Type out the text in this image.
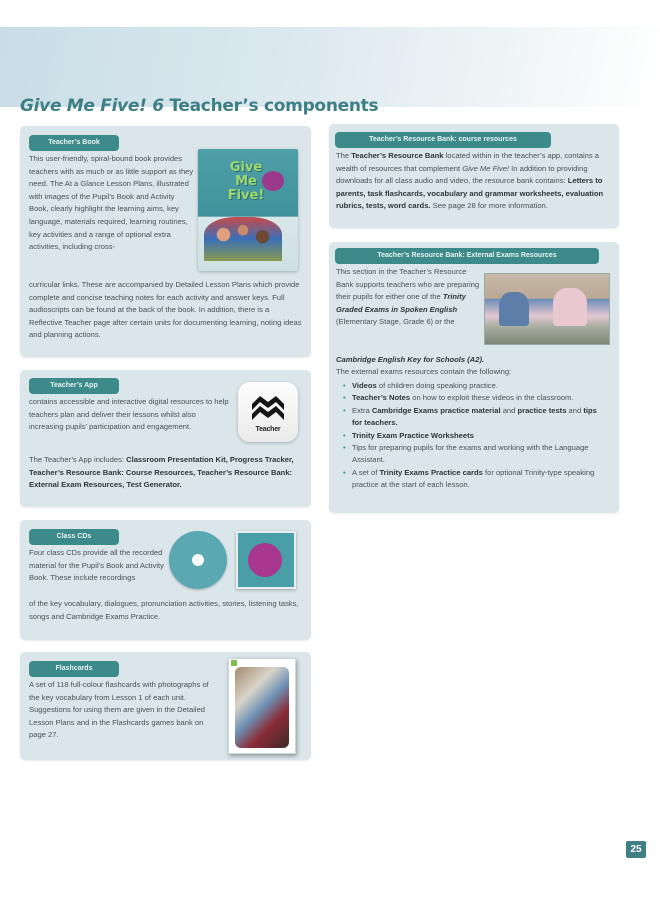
Give Me Five! 6 Teacher’s components
Teacher’s Book
This user-friendly, spiral-bound book provides teachers with as much or as little support as they need. The At a Glance Lesson Plans, illustrated with images of the Pupil’s Book and Activity Book, clearly highlight the learning aims, key language, materials required, learning routines, key activities and a range of optional extra activities, including cross-
Give Me Five!
curricular links. These are accompanied by Detailed Lesson Plans which provide complete and concise teaching notes for each activity and answer keys. Full audioscripts can be found at the back of the book. In addition, there is a Reflective Teacher page after certain units for documenting learning, noting ideas and planning actions.
Teacher’s App
contains accessible and interactive digital resources to help teachers plan and deliver their lessons whilst also increasing pupils’ participation and engagement.	Teacher
The Teacher’s App includes: Classroom Presentation Kit, Progress Tracker, Teacher’s Resource Bank: Course Resources, Teacher’s Resource Bank: External Exam Resources, Test Generator.
Class CDs
Four class CDs provide all the recorded material for the Pupil’s Book and Activity Book. These include recordings
of the key vocabulary, dialogues, pronunciation activities, stories, listening tasks, songs and Cambridge Exams Practice.
Flashcards
A set of 118 full-colour flashcards with photographs of the key vocabulary from Lesson 1 of each unit. Suggestions for using them are given in the Detailed Lesson Plans and in the Flashcards games bank on page 27.
Teacher’s Resource Bank: course resources
The Teacher’s Resource Bank located within in the teacher’s app, contains a wealth of resources that complement Give Me Five! In addition to providing downloads for all class audio and video, the resource bank contains: Letters to parents, task flashcards, vocabulary and grammar worksheets, evaluation rubrics, tests, word cards. See page 28 for more information.
Teacher’s Resource Bank: External Exams Resources
This section in the Teacher’s Resource Bank supports teachers who are preparing their pupils for either one of the Trinity Graded Exams in Spoken English (Elementary Stage, Grade 6) or the
Cambridge English Key for Schools (A2).
The external exams resources contain the following:
• Videos of children doing speaking practice.
• Teacher’s Notes on how to exploit these videos in the classroom.
• Extra Cambridge Exams practice material and practice tests and tips for teachers.
• Trinity Exam Practice Worksheets
• Tips for preparing pupils for the exams and working with the Language Assistant.
• A set of Trinity Exams Practice cards for optional Trinity-type speaking practice at the start of each lesson.
25
